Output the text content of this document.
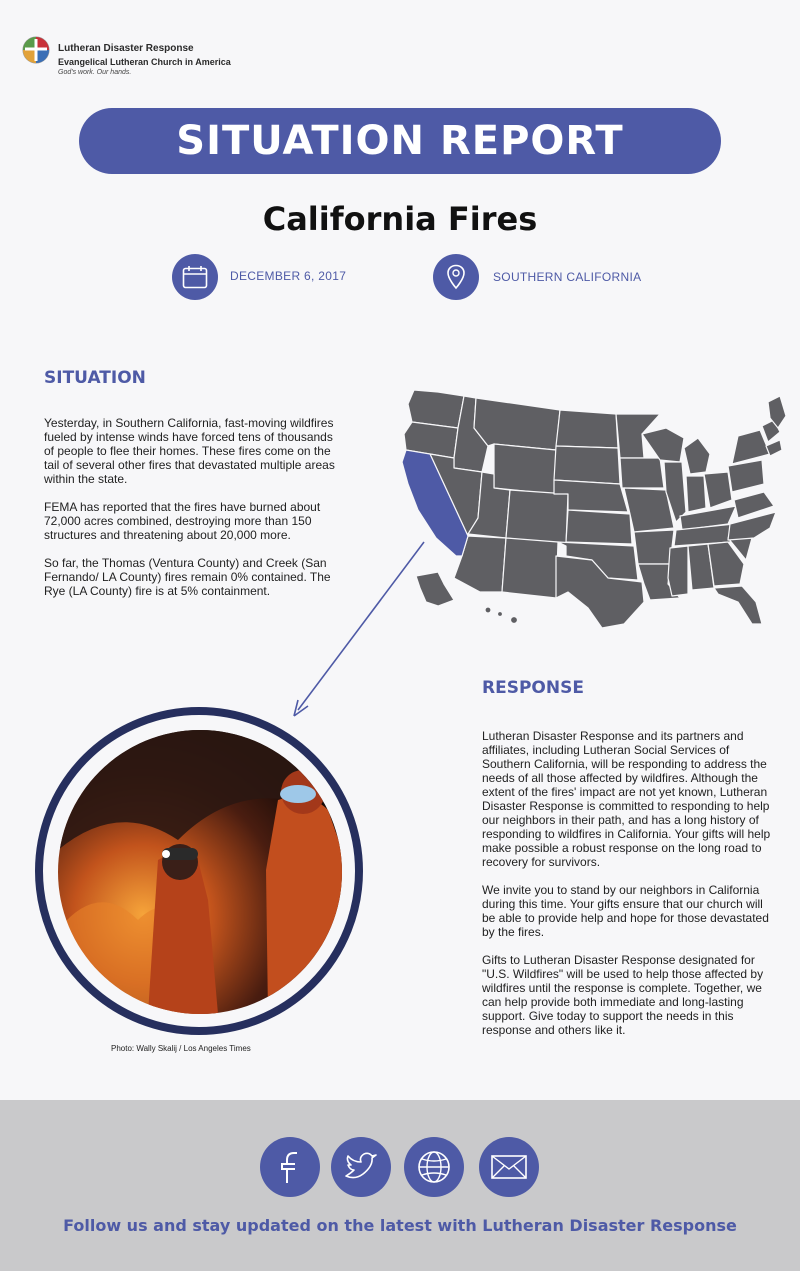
Lutheran Disaster Response
Evangelical Lutheran Church in America
God's work. Our hands.
SITUATION REPORT
California Fires
DECEMBER 6, 2017	SOUTHERN CALIFORNIA
SITUATION

Yesterday, in Southern California, fast-moving wildfires fueled by intense winds have forced tens of thousands of people to flee their homes. These fires come on the tail of several other fires that devastated multiple areas within the state.

FEMA has reported that the fires have burned about 72,000 acres combined, destroying more than 150 structures and threatening about 20,000 more.

So far, the Thomas (Ventura County) and Creek (San Fernando/ LA County) fires remain 0% contained. The Rye (LA County) fire is at 5% containment.

Photo: Wally Skalij / Los Angeles Times
RESPONSE

Lutheran Disaster Response and its partners and affiliates, including Lutheran Social Services of Southern California, will be responding to address the needs of all those affected by wildfires. Although the extent of the fires' impact are not yet known, Lutheran Disaster Response is committed to responding to help our neighbors in their path, and has a long history of responding to wildfires in California. Your gifts will help make possible a robust response on the long road to recovery for survivors.

We invite you to stand by our neighbors in California during this time. Your gifts ensure that our church will be able to provide help and hope for those devastated by the fires.

Gifts to Lutheran Disaster Response designated for "U.S. Wildfires" will be used to help those affected by wildfires until the response is complete. Together, we can help provide both immediate and long-lasting support. Give today to support the needs in this response and others like it.

Follow us and stay updated on the latest with Lutheran Disaster Response
